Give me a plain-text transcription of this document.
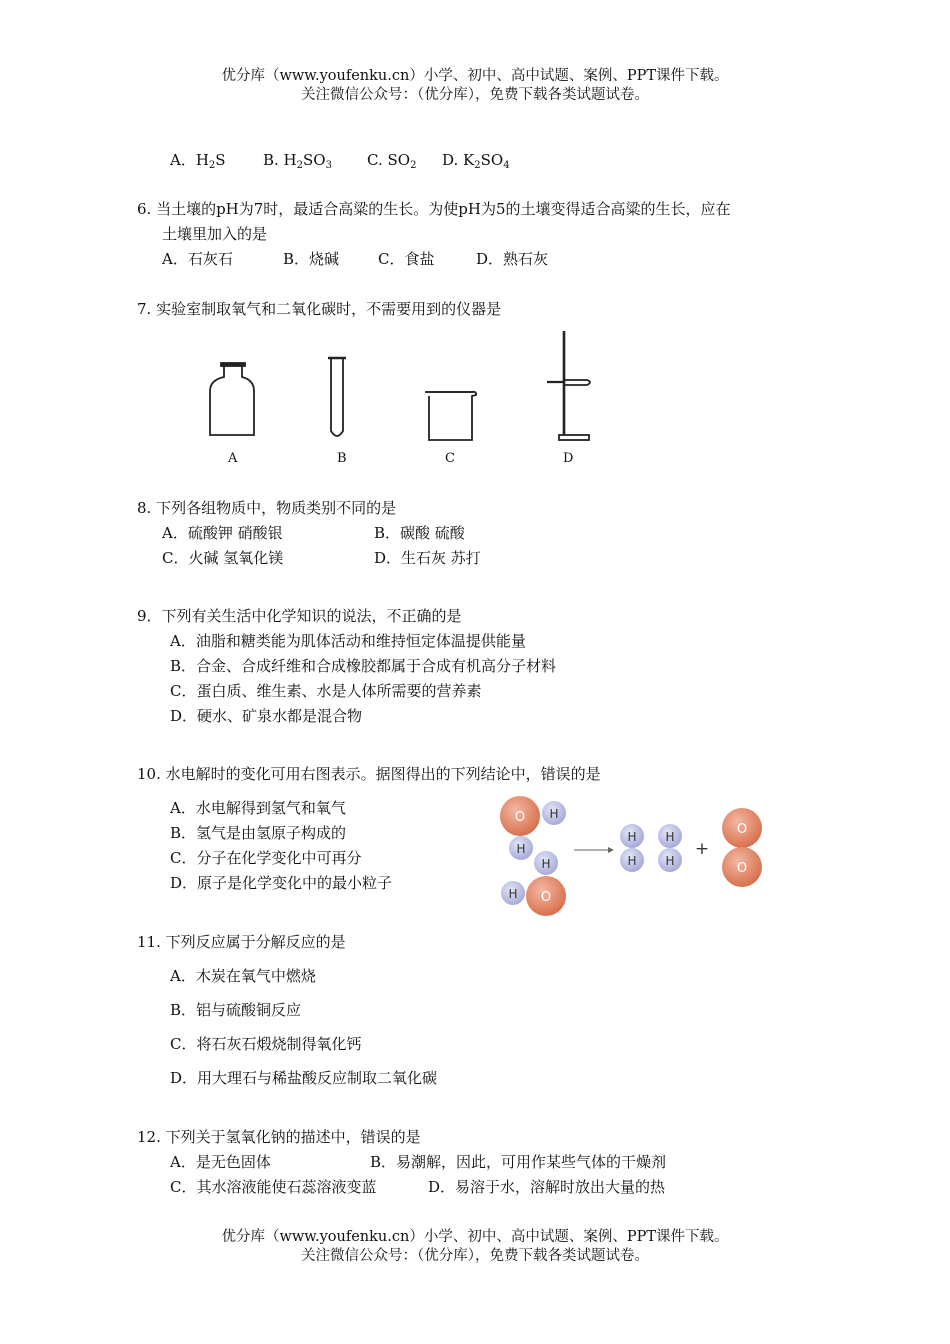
优分库（www.youfenku.cn）小学、初中、高中试题、案例、PPT课件下载。
关注微信公众号：（优分库），免费下载各类试题试卷。
A．$H_2S$ B. $H_2SO_3$ C. $SO_2$ D. $K_2SO_4$
6. 当土壤的pH为7时，最适合高粱的生长。为使pH为5的土壤变得适合高粱的生长，应在
土壤里加入的是
A．石灰石	B．烧碱	C．食盐	D．熟石灰
7. 实验室制取氧气和二氧化碳时，不需要用到的仪器是
A	B	C	D
8. 下列各组物质中，物质类别不同的是
A．硫酸钾 硝酸银	B．碳酸 硫酸
C．火碱 氢氧化镁	D．生石灰 苏打
9．下列有关生活中化学知识的说法，不正确的是
A．油脂和糖类能为肌体活动和维持恒定体温提供能量
B．合金、合成纤维和合成橡胶都属于合成有机高分子材料
C．蛋白质、维生素、水是人体所需要的营养素
D．硬水、矿泉水都是混合物
10. 水电解时的变化可用右图表示。据图得出的下列结论中，错误的是
A．水电解得到氢气和氧气
B．氢气是由氢原子构成的
C．分子在化学变化中可再分
D．原子是化学变化中的最小粒子
O H
H
H
H O
H
H
H
H
+
O
O
11. 下列反应属于分解反应的是
A．木炭在氧气中燃烧
B．铝与硫酸铜反应
C．将石灰石煅烧制得氧化钙
D．用大理石与稀盐酸反应制取二氧化碳
12. 下列关于氢氧化钠的描述中，错误的是
A．是无色固体	B．易潮解，因此，可用作某些气体的干燥剂
C．其水溶液能使石蕊溶液变蓝	D．易溶于水，溶解时放出大量的热
优分库（www.youfenku.cn）小学、初中、高中试题、案例、PPT课件下载。
关注微信公众号：（优分库），免费下载各类试题试卷。
